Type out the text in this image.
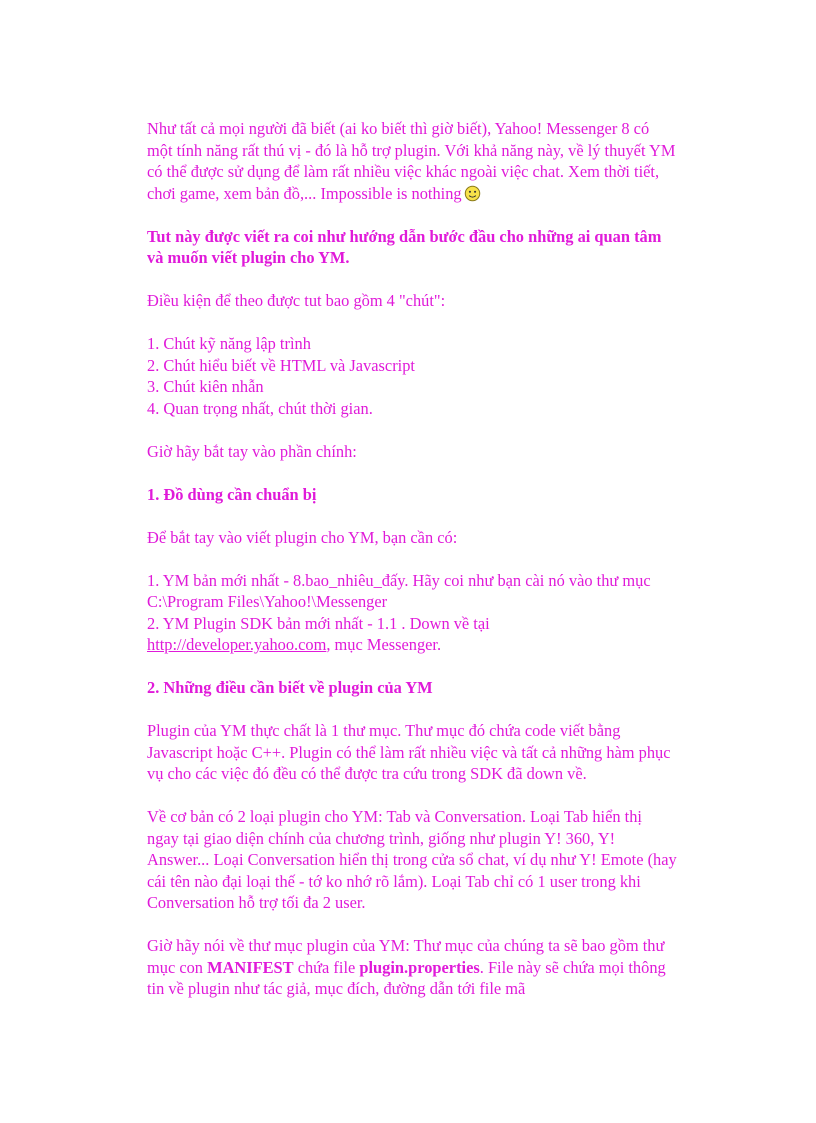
Như tất cả mọi người đã biết (ai ko biết thì giờ biết), Yahoo! Messenger 8 có một tính năng rất thú vị - đó là hỗ trợ plugin. Với khả năng này, về lý thuyết YM có thể được sử dụng để làm rất nhiều việc khác ngoài việc chat. Xem thời tiết, chơi game, xem bản đồ,... Impossible is nothing

Tut này được viết ra coi như hướng dẫn bước đầu cho những ai quan tâm và muốn viết plugin cho YM.

Điều kiện để theo được tut bao gồm 4 "chút":

1. Chút kỹ năng lập trình
2. Chút hiểu biết về HTML và Javascript
3. Chút kiên nhẫn
4. Quan trọng nhất, chút thời gian.

Giờ hãy bắt tay vào phần chính:

1. Đồ dùng cần chuẩn bị

Để bắt tay vào viết plugin cho YM, bạn cần có:

1. YM bản mới nhất - 8.bao_nhiêu_đấy. Hãy coi như bạn cài nó vào thư mục C:\Program Files\Yahoo!\Messenger
2. YM Plugin SDK bản mới nhất - 1.1 . Down về tại
http://developer.yahoo.com, mục Messenger.

2. Những điều cần biết về plugin của YM

Plugin của YM thực chất là 1 thư mục. Thư mục đó chứa code viết bằng Javascript hoặc C++. Plugin có thể làm rất nhiều việc và tất cả những hàm phục vụ cho các việc đó đều có thể được tra cứu trong SDK đã down về.

Về cơ bản có 2 loại plugin cho YM: Tab và Conversation. Loại Tab hiển thị ngay tại giao diện chính của chương trình, giống như plugin Y! 360, Y! Answer... Loại Conversation hiển thị trong cửa sổ chat, ví dụ như Y! Emote (hay cái tên nào đại loại thế - tớ ko nhớ rõ lắm). Loại Tab chỉ có 1 user trong khi Conversation hỗ trợ tối đa 2 user.

Giờ hãy nói về thư mục plugin của YM: Thư mục của chúng ta sẽ bao gồm thư mục con MANIFEST chứa file plugin.properties. File này sẽ chứa mọi thông tin về plugin như tác giả, mục đích, đường dẫn tới file mã
